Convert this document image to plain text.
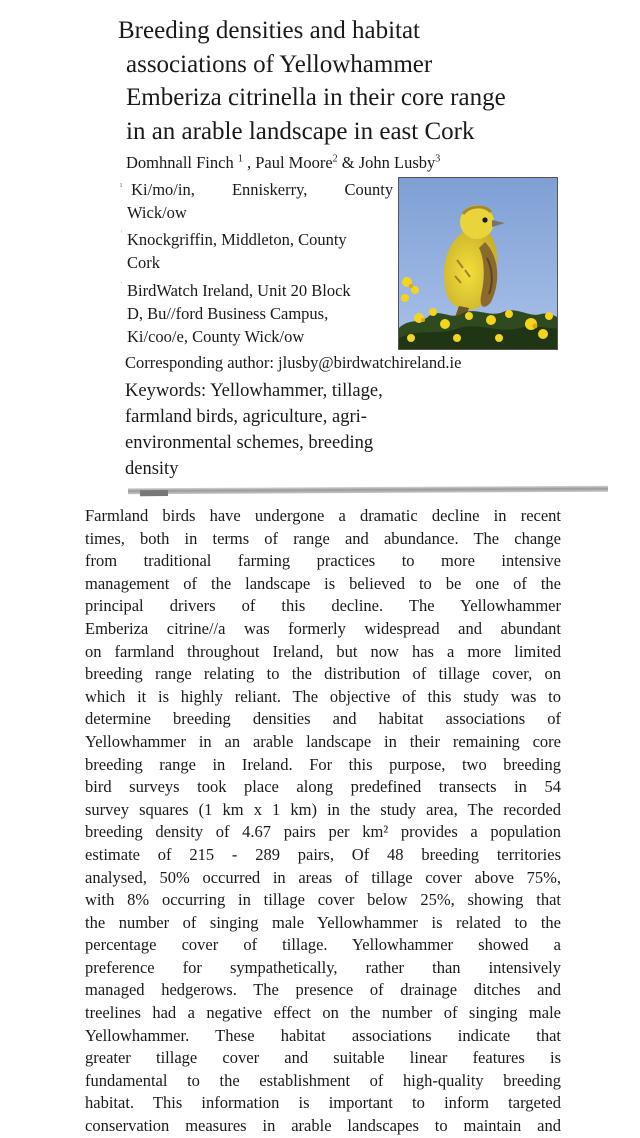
Breeding densities and habitat
associations of Yellowhammer
Emberiza citrinella in their core range
in an arable landscape in east Cork
Domhnall Finch $^1$ , Paul Moore$^2$ & John Lusby$^3$
ı Ki/mo/in, Enniskerry, County
Wick/ow
ʾ Knockgriffin, Middleton, County
Cork
ʾ BirdWatch Ireland, Unit 20 Block
D, Bu//ford Business Campus,
Ki/coo/e, County Wick/ow
Corresponding author: jlusby@birdwatchireland.ie
Keywords: Yellowhammer, tillage,
farmland birds, agriculture, agri-
environmental schemes, breeding
density
Farmland birds have undergone a dramatic decline in recent
times, both in terms of range and abundance. The change
from traditional farming practices to more intensive
management of the landscape is believed to be one of the
principal drivers of this decline. The Yellowhammer
Emberiza citrine//a was formerly widespread and abundant
on farmland throughout Ireland, but now has a more limited
breeding range relating to the distribution of tillage cover, on
which it is highly reliant. The objective of this study was to
determine breeding densities and habitat associations of
Yellowhammer in an arable landscape in their remaining core
breeding range in Ireland. For this purpose, two breeding
bird surveys took place along predefined transects in 54
survey squares (1 km x 1 km) in the study area, The recorded
breeding density of 4.67 pairs per km² provides a population
estimate of 215 - 289 pairs, Of 48 breeding territories
analysed, 50% occurred in areas of tillage cover above 75%,
with 8% occurring in tillage cover below 25%, showing that
the number of singing male Yellowhammer is related to the
percentage cover of tillage. Yellowhammer showed a
preference for sympathetically, rather than intensively
managed hedgerows. The presence of drainage ditches and
treelines had a negative effect on the number of singing male
Yellowhammer. These habitat associations indicate that
greater tillage cover and suitable linear features is
fundamental to the establishment of high-quality breeding
habitat. This information is important to inform targeted
conservation measures in arable landscapes to maintain and
